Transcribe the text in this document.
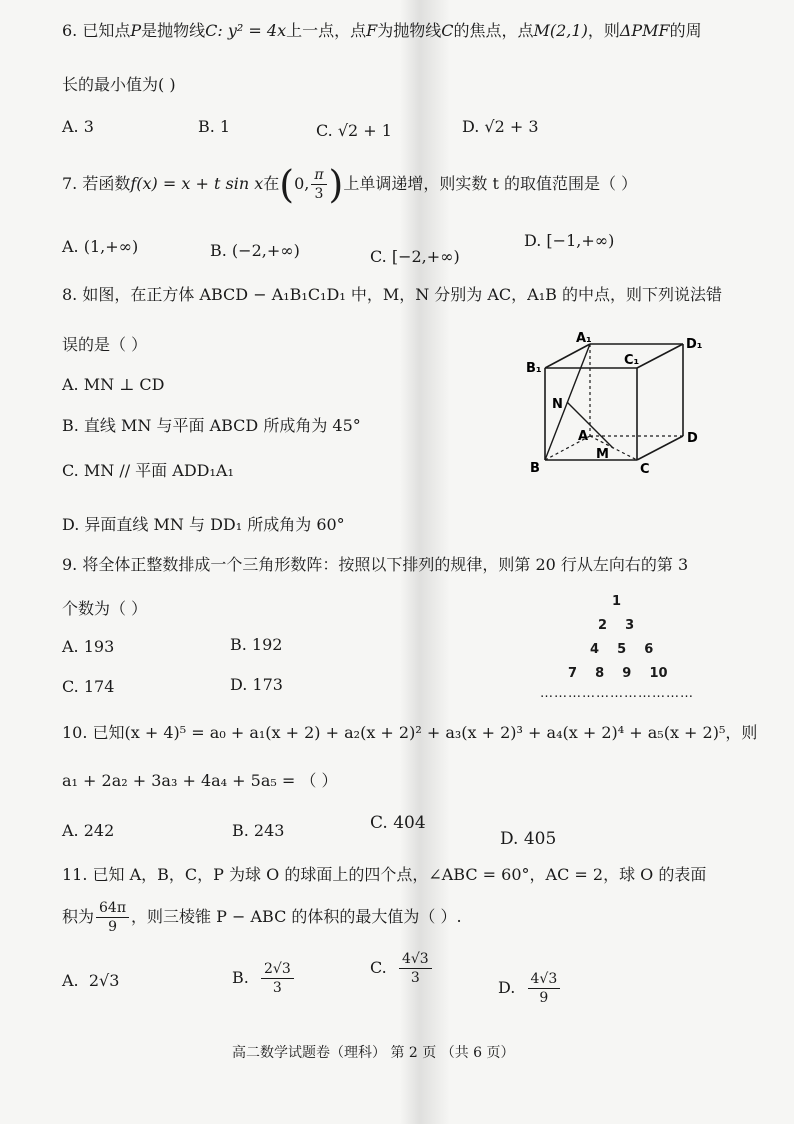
6. 已知点P是抛物线C: y² = 4x上一点，点F为抛物线C的焦点，点M(2,1)，则ΔPMF的周
长的最小值为( )
A. 3	B. 1	C. √2 + 1	D. √2 + 3
7. 若函数f(x) = x + t sin x在(0, $\frac{\pi}{3}$ )上单调递增，则实数 t 的取值范围是（ ）
A. (1,+∞)	B. (−2,+∞)	C. [−2,+∞)
D. [−1,+∞)
8. 如图，在正方体 ABCD − A₁B₁C₁D₁ 中，M，N 分别为 AC，A₁B 的中点，则下列说法错
误的是（ ）
A. MN ⊥ CD
B. 直线 MN 与平面 ABCD 所成角为 45°
C. MN // 平面 ADD₁A₁
D. 异面直线 MN 与 DD₁ 所成角为 60°
A₁	D₁
B₁
C₁
N
A	D
M
B	C
9. 将全体正整数排成一个三角形数阵：按照以下排列的规律，则第 20 行从左向右的第 3
个数为（ ）
A. 193	B. 192
C. 174	D. 173
1
2    3
4    5    6
7    8    9    10
……………………………
10. 已知(x + 4)⁵ = a₀ + a₁(x + 2) + a₂(x + 2)² + a₃(x + 2)³ + a₄(x + 2)⁴ + a₅(x + 2)⁵，则
a₁ + 2a₂ + 3a₃ + 4a₄ + 5a₅ = （ ）
A. 242	B. 243	C. 404
D. 405
11. 已知 A，B，C，P 为球 O 的球面上的四个点，∠ABC = 60°，AC = 2，球 O 的表面
积为 $\frac{64\pi}{9}$ ，则三棱锥 P − ABC 的体积的最大值为（ ）.
A. 2√3	B. $\frac{2√3}{3}$	C. $\frac{4√3}{3}$
D. $\frac{4√3}{9}$
高二数学试题卷（理科） 第 2 页 （共 6 页）
